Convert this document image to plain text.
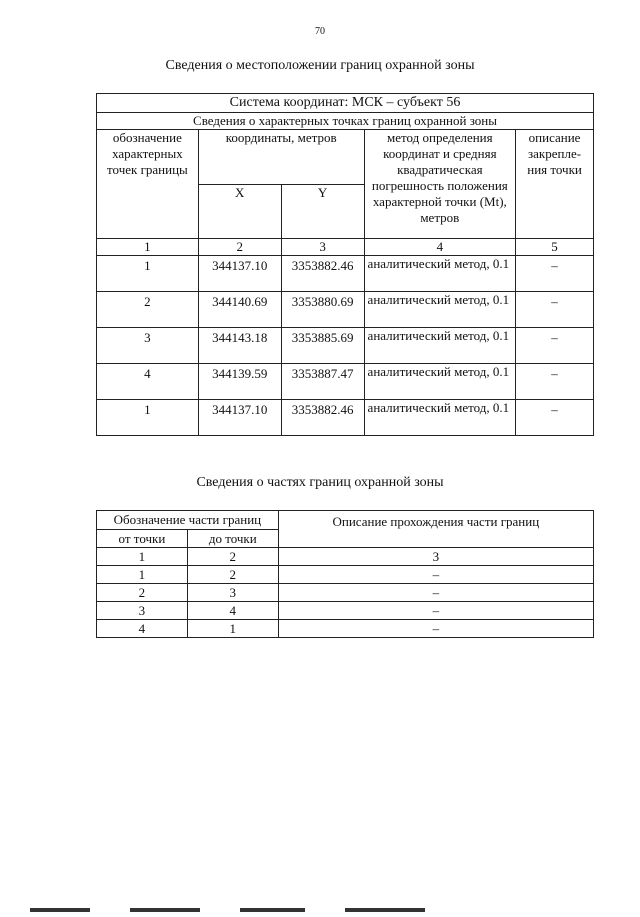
70
Сведения о местоположении границ охранной зоны
Система координат: МСК – субъект 56				
Сведения о характерных точках границ охранной зоны				
обозначение характерных точек границы	координаты, метров		метод определения координат и средняя квадратическая погрешность положения характерной точки (Mt), метров	описание закрепле-ния точки
	X	Y		
1	2	3	4	5
1	344137.10	3353882.46	аналитический метод, 0.1	–
2	344140.69	3353880.69	аналитический метод, 0.1	–
3	344143.18	3353885.69	аналитический метод, 0.1	–
4	344139.59	3353887.47	аналитический метод, 0.1	–
1	344137.10	3353882.46	аналитический метод, 0.1	–
Сведения о частях границ охранной зоны
Обозначение части границ		Описание прохождения части границ
от точки	до точки	
1	2	3
1	2	–
2	3	–
3	4	–
4	1	–
